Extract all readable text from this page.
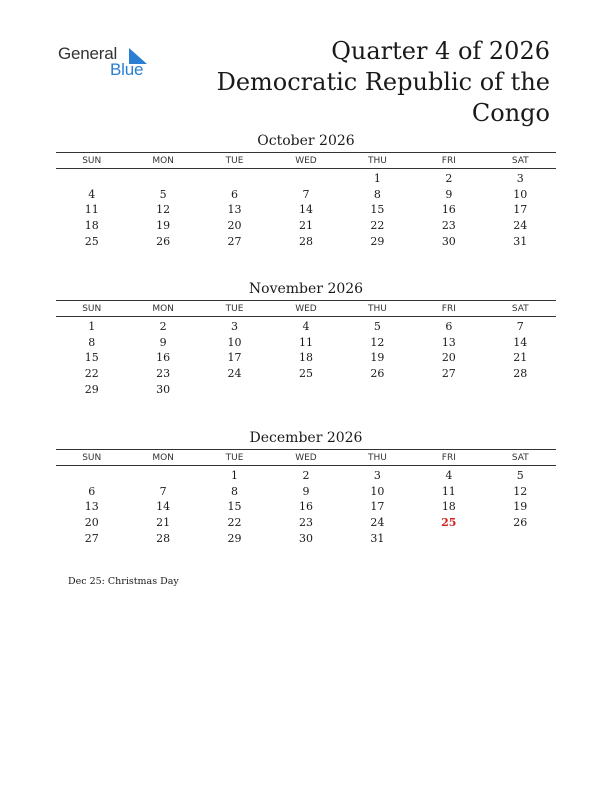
General
Blue
Quarter 4 of 2026
Democratic Republic of the
Congo
October 2026
SUN	MON	TUE	WED	THU	FRI	SAT
				1	2	3
4	5	6	7	8	9	10
11	12	13	14	15	16	17
18	19	20	21	22	23	24
25	26	27	28	29	30	31
November 2026
SUN	MON	TUE	WED	THU	FRI	SAT
1	2	3	4	5	6	7
8	9	10	11	12	13	14
15	16	17	18	19	20	21
22	23	24	25	26	27	28
29	30					
December 2026
SUN	MON	TUE	WED	THU	FRI	SAT
		1	2	3	4	5
6	7	8	9	10	11	12
13	14	15	16	17	18	19
20	21	22	23	24	25	26
27	28	29	30	31		
Dec 25: Christmas Day
